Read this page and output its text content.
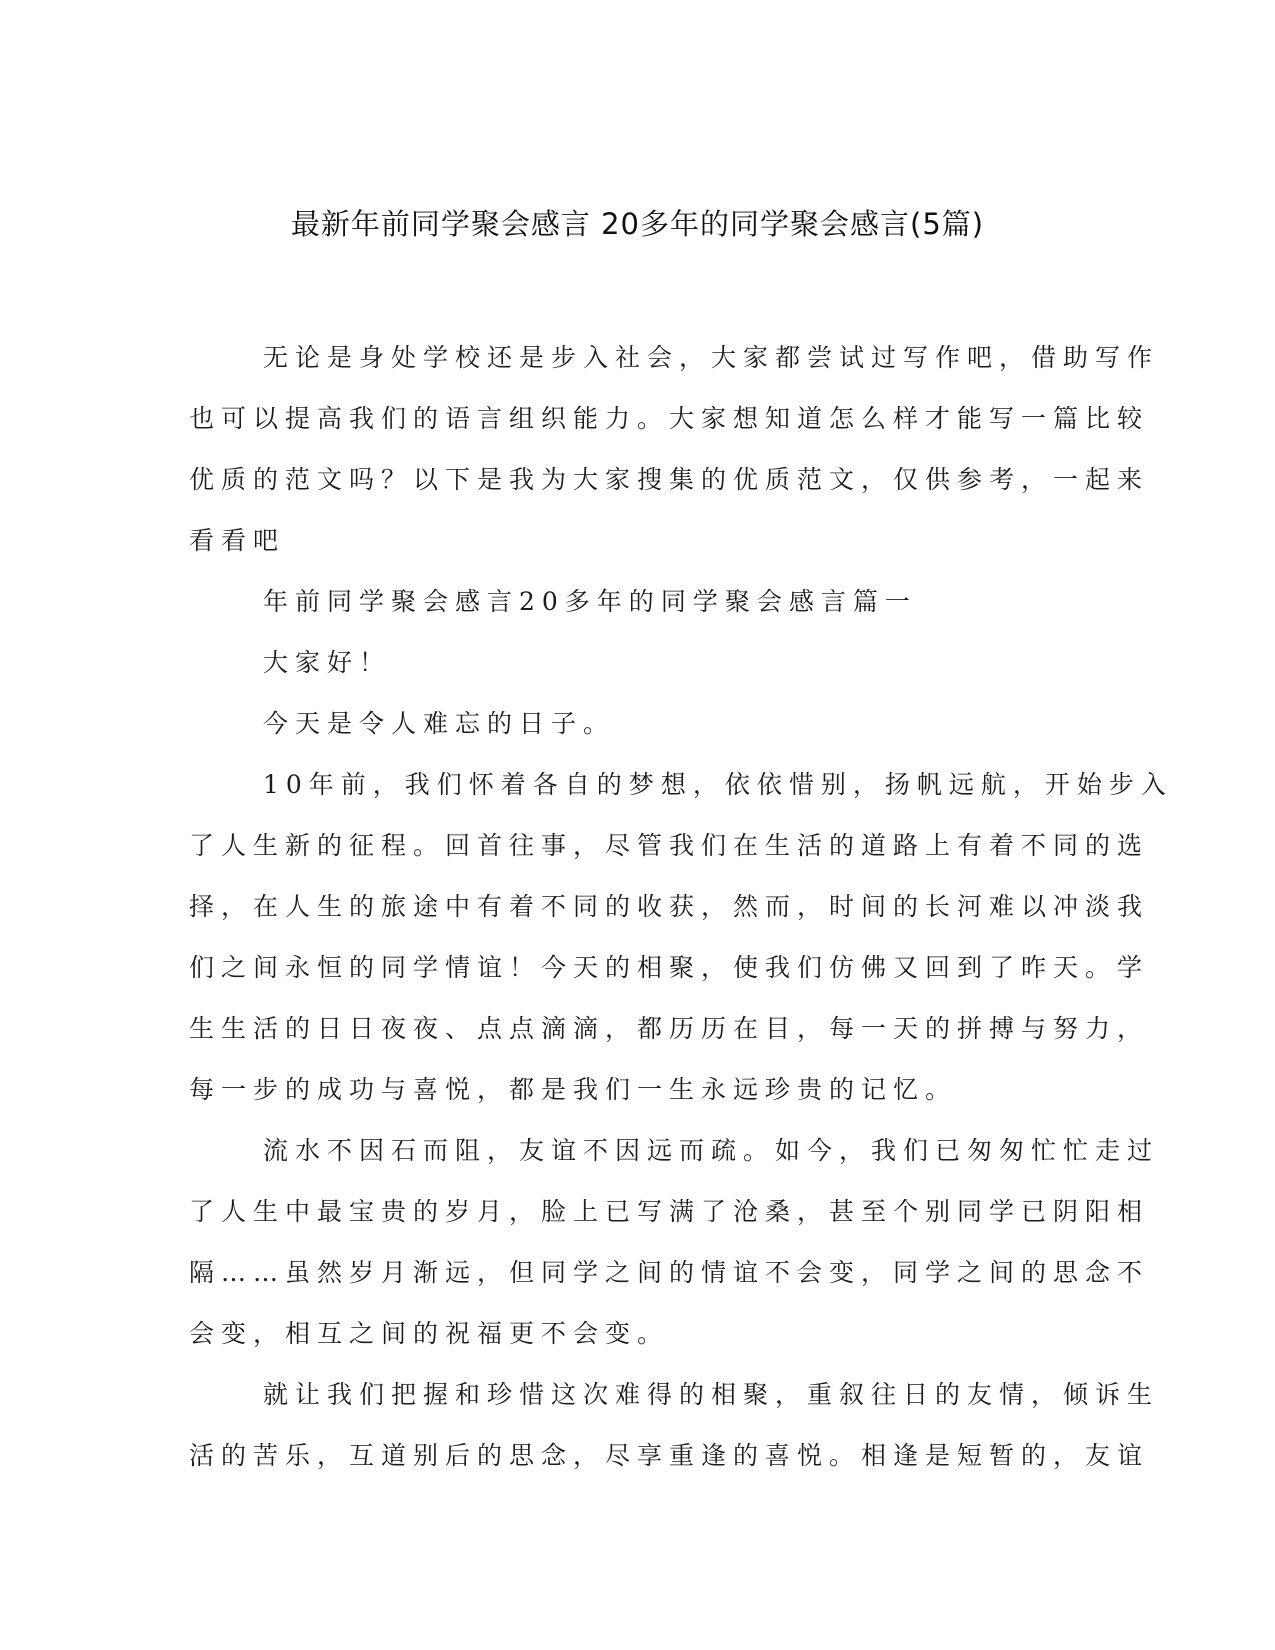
最新年前同学聚会感言 20多年的同学聚会感言(5篇)
无论是身处学校还是步入社会，大家都尝试过写作吧，借助写作
也可以提高我们的语言组织能力。大家想知道怎么样才能写一篇比较
优质的范文吗？以下是我为大家搜集的优质范文，仅供参考，一起来
看看吧
年前同学聚会感言20多年的同学聚会感言篇一
大家好！
今天是令人难忘的日子。
10年前，我们怀着各自的梦想，依依惜别，扬帆远航，开始步入
了人生新的征程。回首往事，尽管我们在生活的道路上有着不同的选
择，在人生的旅途中有着不同的收获，然而，时间的长河难以冲淡我
们之间永恒的同学情谊！今天的相聚，使我们仿佛又回到了昨天。学
生生活的日日夜夜、点点滴滴，都历历在目，每一天的拼搏与努力，
每一步的成功与喜悦，都是我们一生永远珍贵的记忆。
流水不因石而阻，友谊不因远而疏。如今，我们已匆匆忙忙走过
了人生中最宝贵的岁月，脸上已写满了沧桑，甚至个别同学已阴阳相
隔……虽然岁月渐远，但同学之间的情谊不会变，同学之间的思念不
会变，相互之间的祝福更不会变。
就让我们把握和珍惜这次难得的相聚，重叙往日的友情，倾诉生
活的苦乐，互道别后的思念，尽享重逢的喜悦。相逢是短暂的，友谊
